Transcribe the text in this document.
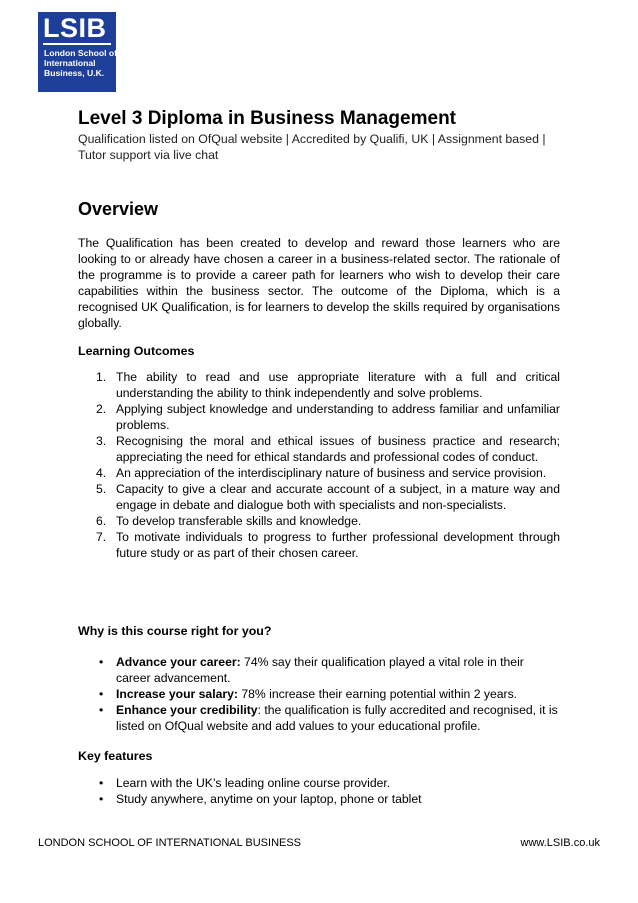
LSIB
London School of
International
Business, U.K.
Level 3 Diploma in Business Management

Qualification listed on OfQual website | Accredited by Qualifi, UK | Assignment based | Tutor support via live chat

Overview

The Qualification has been created to develop and reward those learners who are looking to or already have chosen a career in a business-related sector. The rationale of the programme is to provide a career path for learners who wish to develop their care capabilities within the business sector. The outcome of the Diploma, which is a recognised UK Qualification, is for learners to develop the skills required by organisations globally.

Learning Outcomes
1. The ability to read and use appropriate literature with a full and critical understanding the ability to think independently and solve problems.
2. Applying subject knowledge and understanding to address familiar and unfamiliar problems.
3. Recognising the moral and ethical issues of business practice and research; appreciating the need for ethical standards and professional codes of conduct.
4. An appreciation of the interdisciplinary nature of business and service provision.
5. Capacity to give a clear and accurate account of a subject, in a mature way and engage in debate and dialogue both with specialists and non-specialists.
6. To develop transferable skills and knowledge.
7. To motivate individuals to progress to further professional development through future study or as part of their chosen career.
Why is this course right for you?
• Advance your career: 74% say their qualification played a vital role in their career advancement.
• Increase your salary: 78% increase their earning potential within 2 years.
• Enhance your credibility: the qualification is fully accredited and recognised, it is listed on OfQual website and add values to your educational profile.
Key features
• Learn with the UK’s leading online course provider.
• Study anywhere, anytime on your laptop, phone or tablet
LONDON SCHOOL OF INTERNATIONAL BUSINESS	www.LSIB.co.uk
